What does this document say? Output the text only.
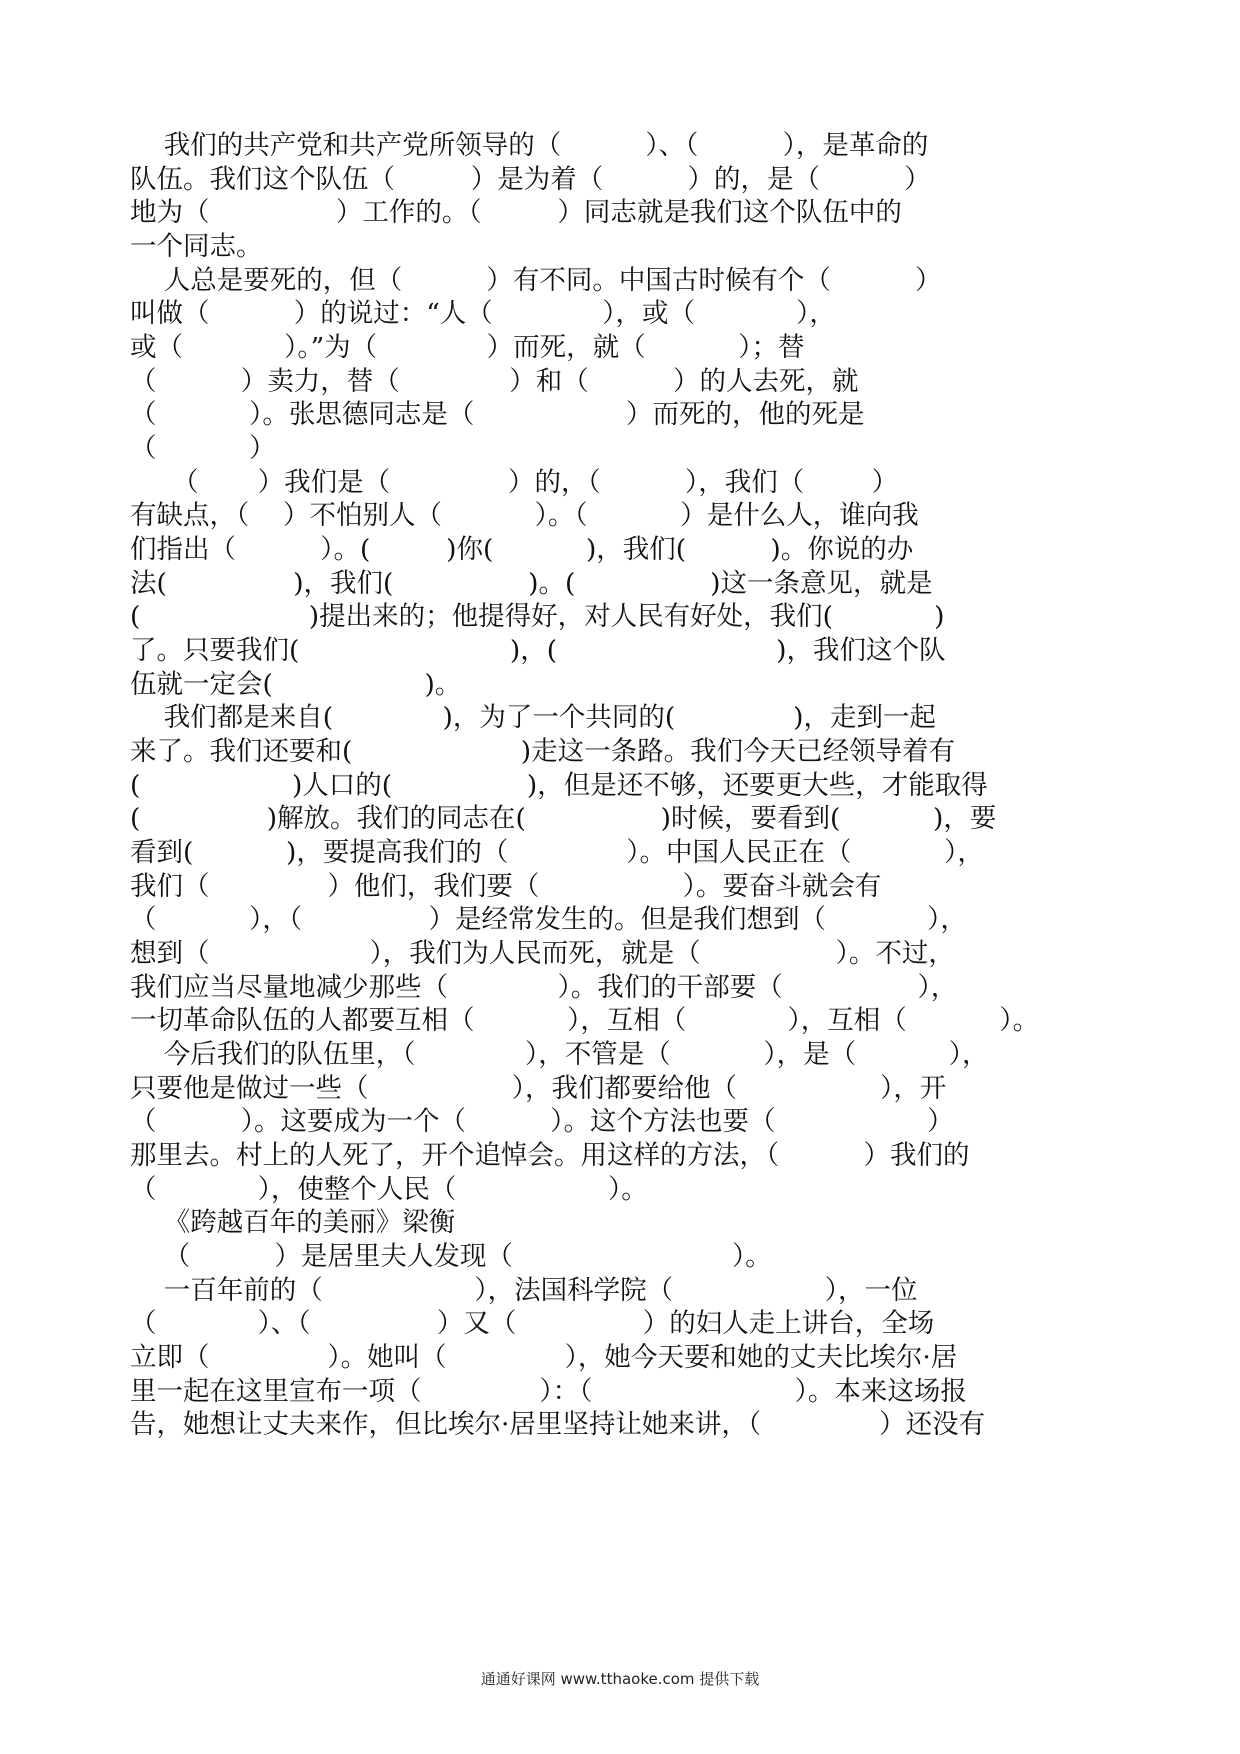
我们的共产党和共产党所领导的（          ）、（          ），是革命的
队伍。我们这个队伍（         ）是为着（          ）的，是（          ）
地为（               ）工作的。（         ）同志就是我们这个队伍中的
一个同志。
人总是要死的，但（          ）有不同。中国古时候有个（          ）
叫做（          ）的说过：“人（             ），或（            ），
或（            ）。”为（             ）而死，就（           ）；替
（          ）卖力，替（             ）和（          ）的人去死，就
（           ）。张思德同志是（                  ）而死的，他的死是
（           ）
（       ）我们是（              ）的，（          ），我们（        ）
有缺点，（    ）不怕别人（           ）。（           ）是什么人，谁向我
们指出（          ）。(         )你(           )，我们(          )。你说的办
法(               )，我们(                )。(                )这一条意见，就是
(                    )提出来的；他提得好，对人民有好处，我们(            )
了。只要我们(                         )，(                          )，我们这个队
伍就一定会(                  )。
我们都是来自(             )，为了一个共同的(              )，走到一起
来了。我们还要和(                    )走这一条路。我们今天已经领导着有
(                  )人口的(                )，但是还不够，还要更大些，才能取得
(               )解放。我们的同志在(                )时候，要看到(           )，要
看到(           )，要提高我们的（              ）。中国人民正在（           ），
我们（              ）他们，我们要（                 ）。要奋斗就会有
（           ），（               ）是经常发生的。但是我们想到（            ），
想到（                   ），我们为人民而死，就是（                ）。不过，
我们应当尽量地减少那些（             ）。我们的干部要（                ），
一切革命队伍的人都要互相（           ），互相（            ），互相（           ）。
今后我们的队伍里，（             ），不管是（           ），是（           ），
只要他是做过一些（                 ），我们都要给他（                 ），开
（          ）。这要成为一个（          ）。这个方法也要（                  ）
那里去。村上的人死了，开个追悼会。用这样的方法，（          ）我们的
（            ），使整个人民（                  ）。
《跨越百年的美丽》梁衡
（          ）是居里夫人发现（                          ）。
一百年前的（                  ），法国科学院（                  ），一位
（            ）、（               ）又（               ）的妇人走上讲台，全场
立即（              ）。她叫（              ），她今天要和她的丈夫比埃尔·居
里一起在这里宣布一项（              ）：（                        ）。本来这场报
告，她想让丈夫来作，但比埃尔·居里坚持让她来讲，（              ）还没有
通通好课网 www.tthaoke.com 提供下载
